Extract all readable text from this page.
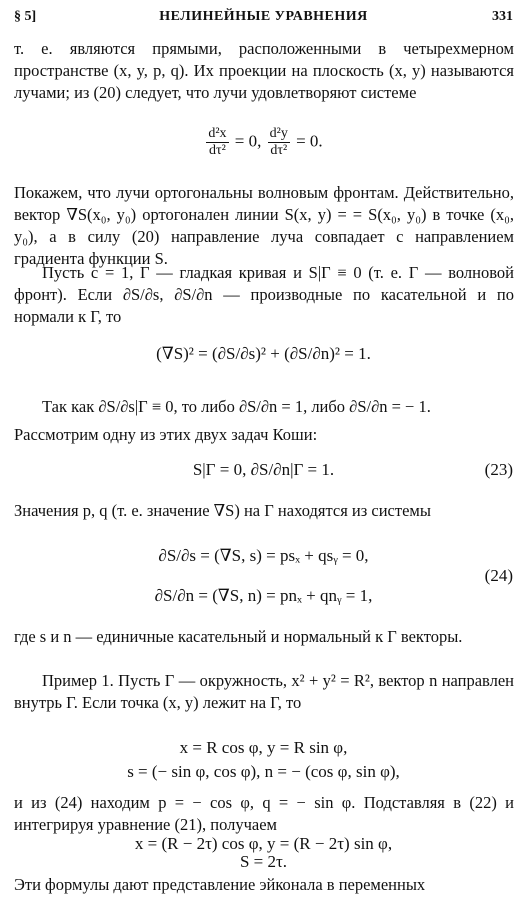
§ 5]	НЕЛИНЕЙНЫЕ УРАВНЕНИЯ	331
т. е. являются прямыми, расположенными в четырехмерном пространстве (x, y, p, q). Их проекции на плоскость (x, y) называются лучами; из (20) следует, что лучи удовлетворяют системе
$\frac{\text{d²x}}{\text{dτ²}} = 0$, $\frac{\text{d²y}}{\text{dτ²}} = 0$.
Покажем, что лучи ортогональны волновым фронтам. Действительно, вектор ∇S(x₀, y₀) ортогонален линии S(x, y) = = S(x₀, y₀) в точке (x₀, y₀), а в силу (20) направление луча совпадает с направлением градиента функции S.
Пусть c = 1, Γ — гладкая кривая и S|Γ ≡ 0 (т. е. Γ — волновой фронт). Если ∂S/∂s, ∂S/∂n — производные по касательной и по нормали к Γ, то
(∇S)² = (∂S/∂s)² + (∂S/∂n)² = 1.
Так как ∂S/∂s|Γ ≡ 0, то либо ∂S/∂n = 1, либо ∂S/∂n = − 1.
Рассмотрим одну из этих двух задач Коши:
S|Γ = 0, ∂S/∂n|Γ = 1.	(23)
Значения p, q (т. е. значение ∇S) на Γ находятся из системы
∂S/∂s = (∇S, s) = psₓ + qsᵧ = 0,
∂S/∂n = (∇S, n) = pnₓ + qnᵧ = 1,
(24)
где s и n — единичные касательный и нормальный к Γ векторы.
Пример 1. Пусть Γ — окружность, x² + y² = R², вектор n направлен внутрь Γ. Если точка (x, y) лежит на Γ, то
x = R cos φ, y = R sin φ,
s = (− sin φ, cos φ), n = − (cos φ, sin φ),
и из (24) находим p = − cos φ, q = − sin φ. Подставляя в (22) и интегрируя уравнение (21), получаем
x = (R − 2τ) cos φ, y = (R − 2τ) sin φ,
S = 2τ.
Эти формулы дают представление эйконала в переменных
